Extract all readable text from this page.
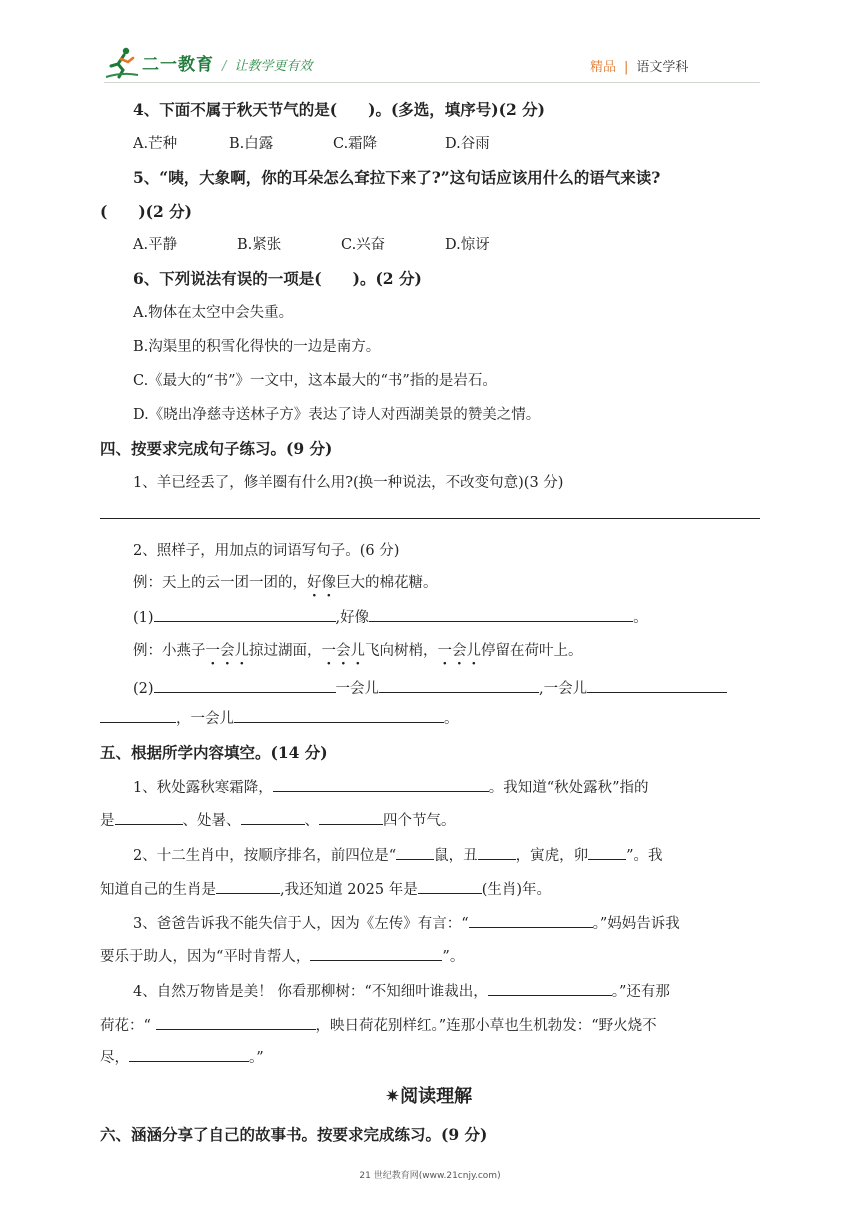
二一教育 / 让教学更有效	精品 | 语文学科
4、下面不属于秋天节气的是(　　)。(多选，填序号)(2 分)
A.芒种	B.白露	C.霜降	D.谷雨
5、“咦，大象啊，你的耳朵怎么耷拉下来了?”这句话应该用什么的语气来读?
(　　)(2 分)
A.平静	B.紧张	C.兴奋	D.惊讶
6、下列说法有误的一项是(　　)。(2 分)
A.物体在太空中会失重。
B.沟渠里的积雪化得快的一边是南方。
C.《最大的“书”》一文中，这本最大的“书”指的是岩石。
D.《晓出净慈寺送林子方》表达了诗人对西湖美景的赞美之情。
四、按要求完成句子练习。(9 分)
1、羊已经丢了，修羊圈有什么用?(换一种说法，不改变句意)(3 分)
2、照样子，用加点的词语写句子。(6 分)
例：天上的云一团一团的，好像巨大的棉花糖。
(1)	,好像	。
例：小燕子一会儿掠过湖面，一会儿飞向树梢，一会儿停留在荷叶上。
(2)	一会儿	,一会儿
，一会儿	。
五、根据所学内容填空。(14 分)
1、秋处露秋寒霜降，	。我知道“秋处露秋”指的
是	、处暑、	、	四个节气。
2、十二生肖中，按顺序排名，前四位是“	鼠，丑	，寅虎，卯	”。我
知道自己的生肖是	,我还知道 2025 年是	(生肖)年。
3、爸爸告诉我不能失信于人，因为《左传》有言：“	。”妈妈告诉我
要乐于助人，因为“平时肯帮人，	”。
4、自然万物皆是美！ 你看那柳树：“不知细叶谁裁出，	。”还有那
荷花：“	，映日荷花别样红。”连那小草也生机勃发：“野火烧不
尽，	。”
✷阅读理解
六、涵涵分享了自己的故事书。按要求完成练习。(9 分)
21 世纪教育网(www.21cnjy.com)
